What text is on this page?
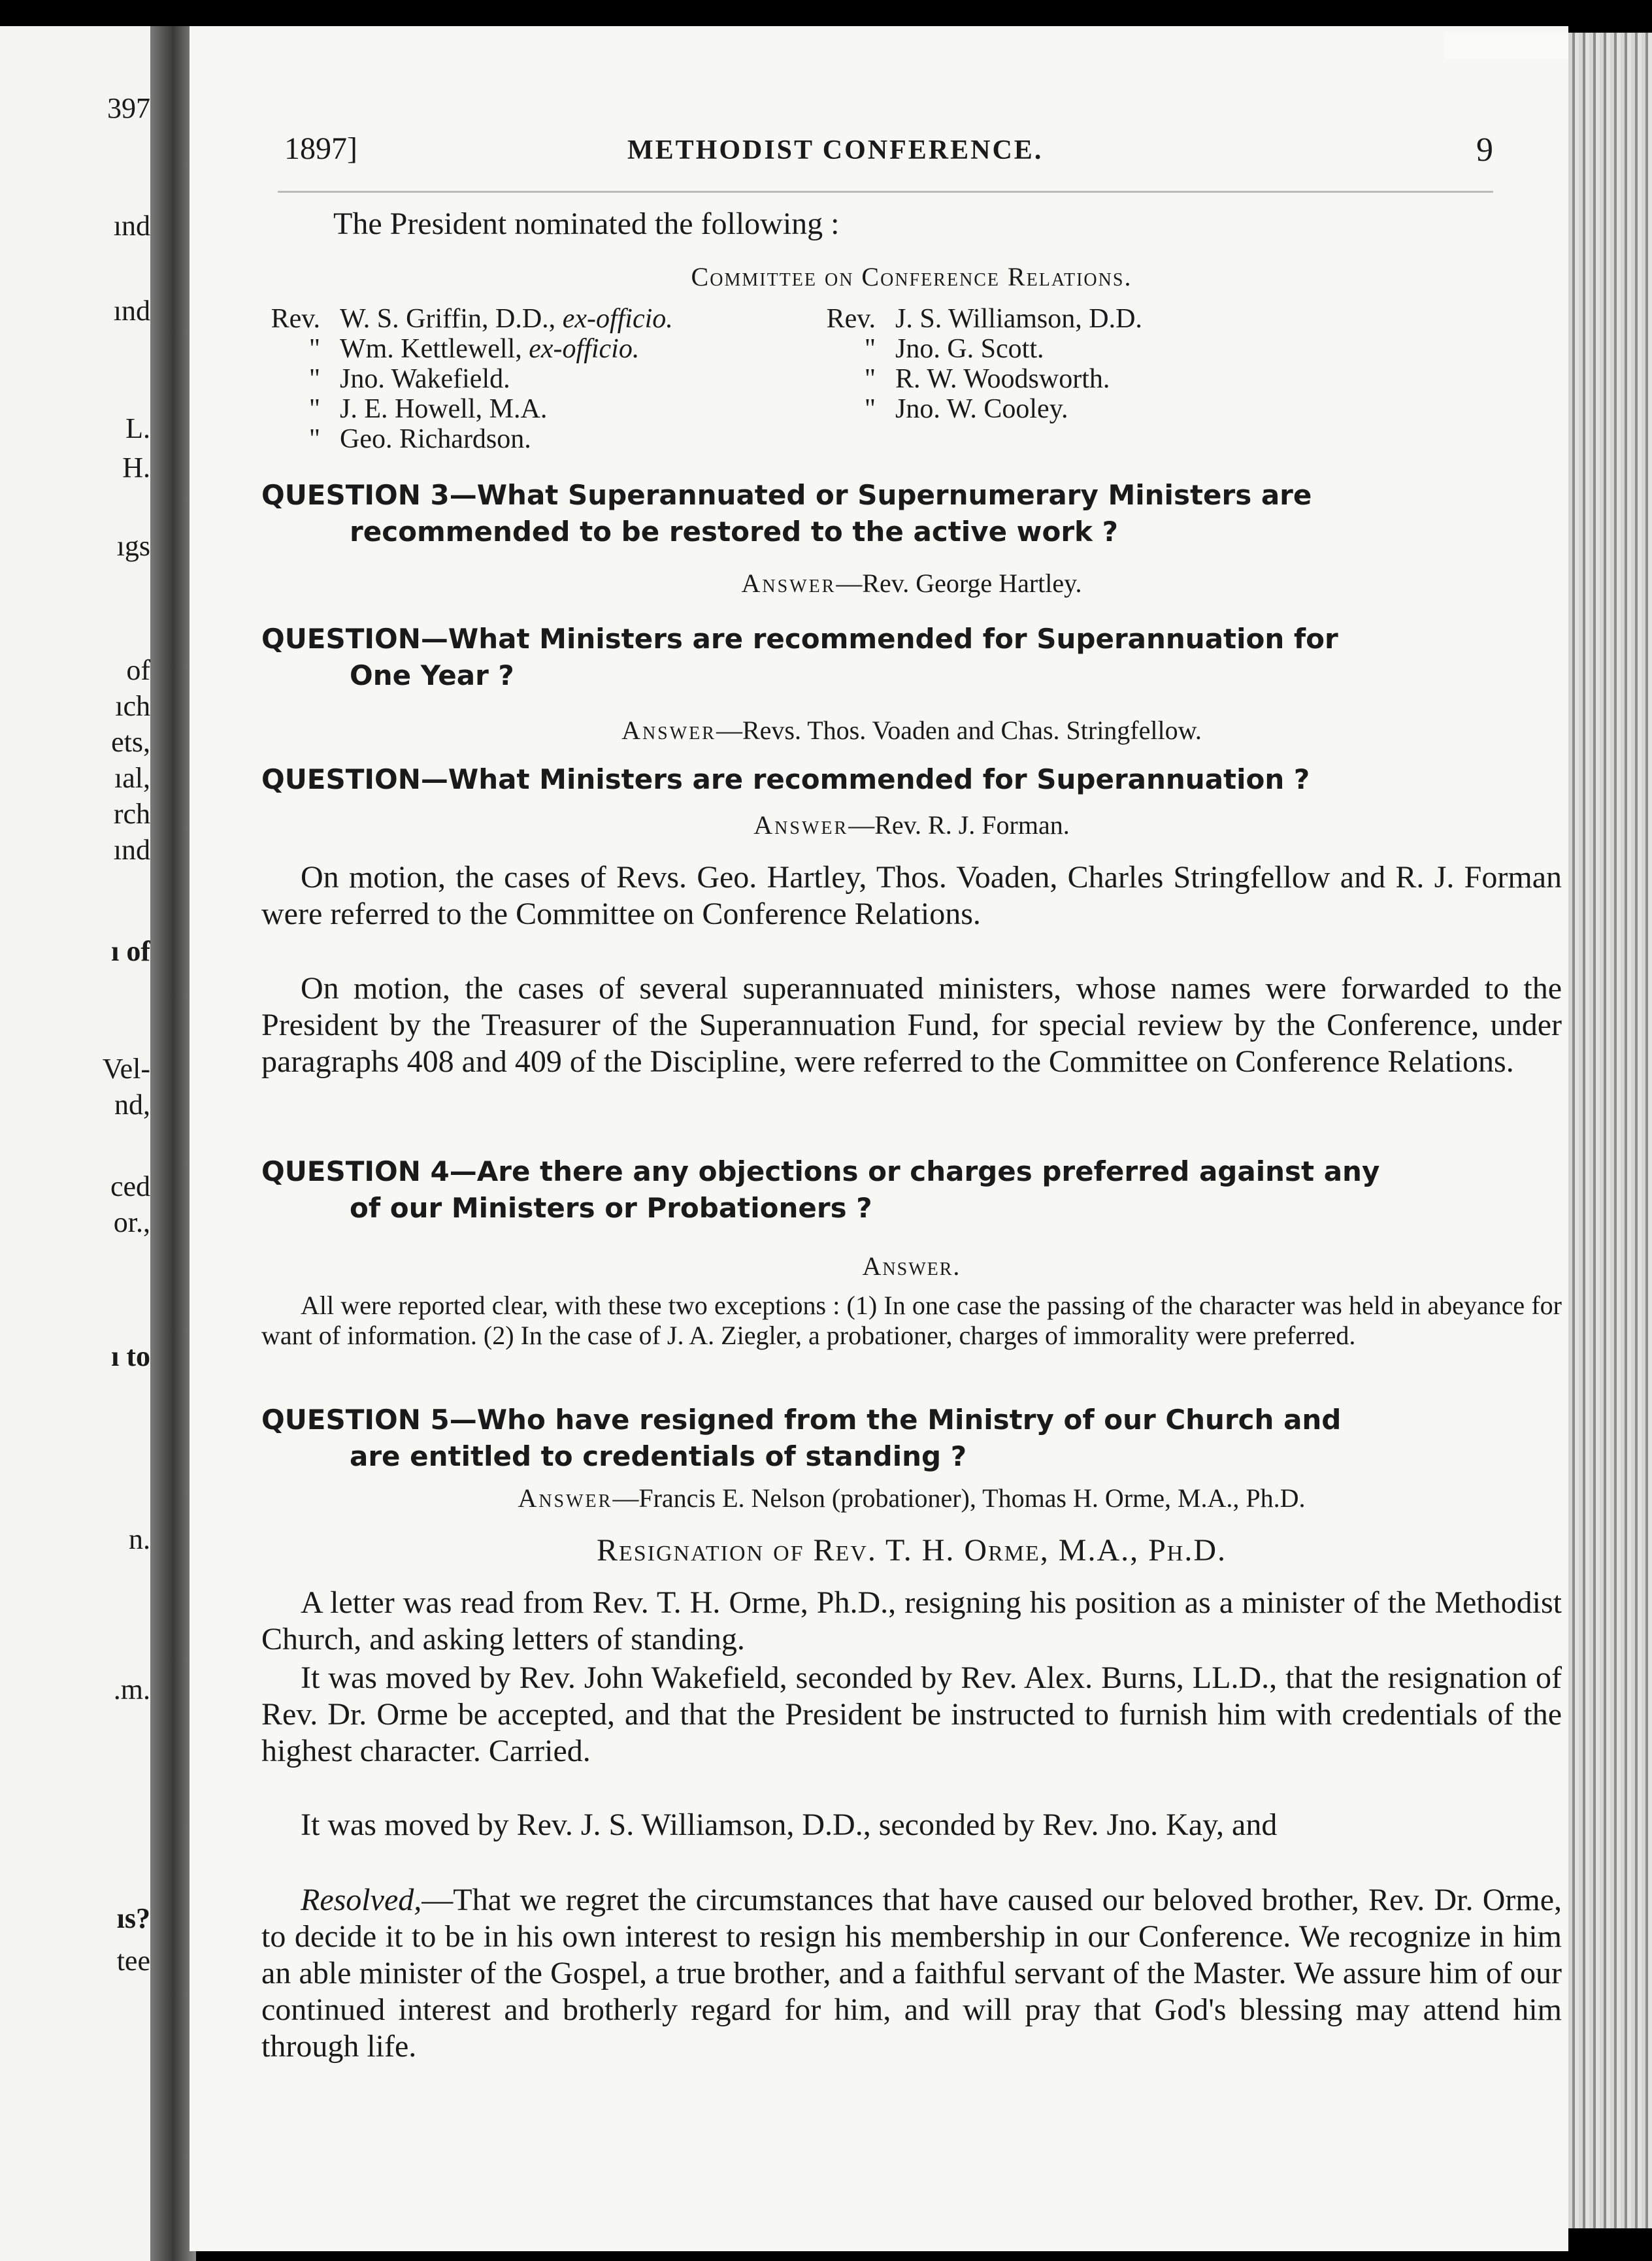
397
ınd
ınd
L.
H.
ıgs
of
ıch
ets,
ıal,
rch
ınd
ı of
Vel-
nd,
ced
or.,
ı to
n.
.m.
ıs?
tee
1897]	METHODIST CONFERENCE.	9
The President nominated the following :
Committee on Conference Relations.
Rev. W. S. Griffin, D.D., ex-officio.
" Wm. Kettlewell, ex-officio.
" Jno. Wakefield.
" J. E. Howell, M.A.
" Geo. Richardson.
Rev. J. S. Williamson, D.D.
" Jno. G. Scott.
" R. W. Woodsworth.
" Jno. W. Cooley.
QUESTION 3—What Superannuated or Supernumerary Ministers are
recommended to be restored to the active work ?
Answer—Rev. George Hartley.
QUESTION—What Ministers are recommended for Superannuation for
One Year ?
Answer—Revs. Thos. Voaden and Chas. Stringfellow.
QUESTION—What Ministers are recommended for Superannuation ?
Answer—Rev. R. J. Forman.
On motion, the cases of Revs. Geo. Hartley, Thos. Voaden, Charles Stringfellow and R. J. Forman were referred to the Committee on Conference Relations.
On motion, the cases of several superannuated ministers, whose names were forwarded to the President by the Treasurer of the Superannuation Fund, for special review by the Conference, under paragraphs 408 and 409 of the Discipline, were referred to the Committee on Conference Relations.
QUESTION 4—Are there any objections or charges preferred against any
of our Ministers or Probationers ?
Answer.
All were reported clear, with these two exceptions : (1) In one case the passing of the character was held in abeyance for want of information. (2) In the case of J. A. Ziegler, a probationer, charges of immorality were preferred.
QUESTION 5—Who have resigned from the Ministry of our Church and
are entitled to credentials of standing ?
Answer—Francis E. Nelson (probationer), Thomas H. Orme, M.A., Ph.D.
Resignation of Rev. T. H. Orme, M.A., Ph.D.
A letter was read from Rev. T. H. Orme, Ph.D., resigning his position as a minister of the Methodist Church, and asking letters of standing.
It was moved by Rev. John Wakefield, seconded by Rev. Alex. Burns, LL.D., that the resignation of Rev. Dr. Orme be accepted, and that the President be instructed to furnish him with credentials of the highest character. Carried.
It was moved by Rev. J. S. Williamson, D.D., seconded by Rev. Jno. Kay, and
Resolved,—That we regret the circumstances that have caused our beloved brother, Rev. Dr. Orme, to decide it to be in his own interest to resign his membership in our Conference. We recognize in him an able minister of the Gospel, a true brother, and a faithful servant of the Master. We assure him of our continued interest and brotherly regard for him, and will pray that God's blessing may attend him through life.
